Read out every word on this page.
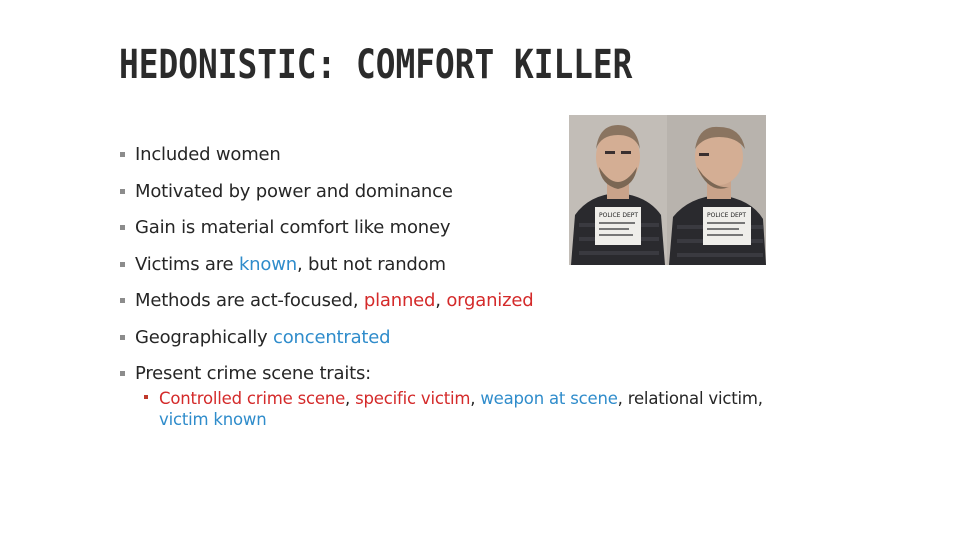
HEDONISTIC: COMFORT KILLER
Included women
Motivated by power and dominance
Gain is material comfort like money
Victims are known, but not random
Methods are act-focused, planned, organized
Geographically concentrated
Present crime scene traits:
Controlled crime scene, specific victim, weapon at scene, relational victim, victim known
POLICE DEPT	POLICE DEPT
